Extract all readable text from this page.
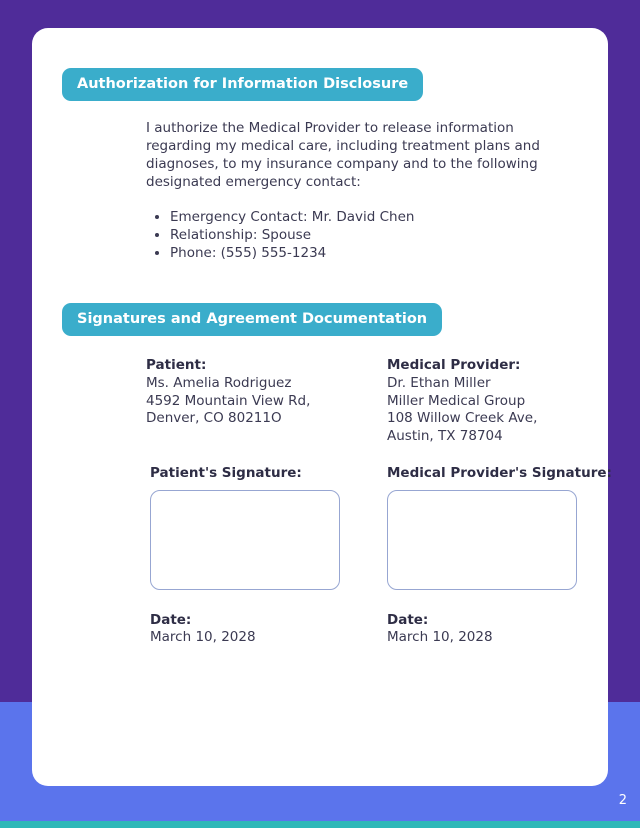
Authorization for Information Disclosure
I authorize the Medical Provider to release information regarding my medical care, including treatment plans and diagnoses, to my insurance company and to the following designated emergency contact:
• Emergency Contact: Mr. David Chen
• Relationship: Spouse
• Phone: (555) 555-1234
Signatures and Agreement Documentation
Patient:
Ms. Amelia Rodriguez
4592 Mountain View Rd,
Denver, CO 80211O
Medical Provider:
Dr. Ethan Miller
Miller Medical Group
108 Willow Creek Ave,
Austin, TX 78704
Patient's Signature:	Medical Provider's Signature:
Date:
March 10, 2028
Date:
March 10, 2028
2
